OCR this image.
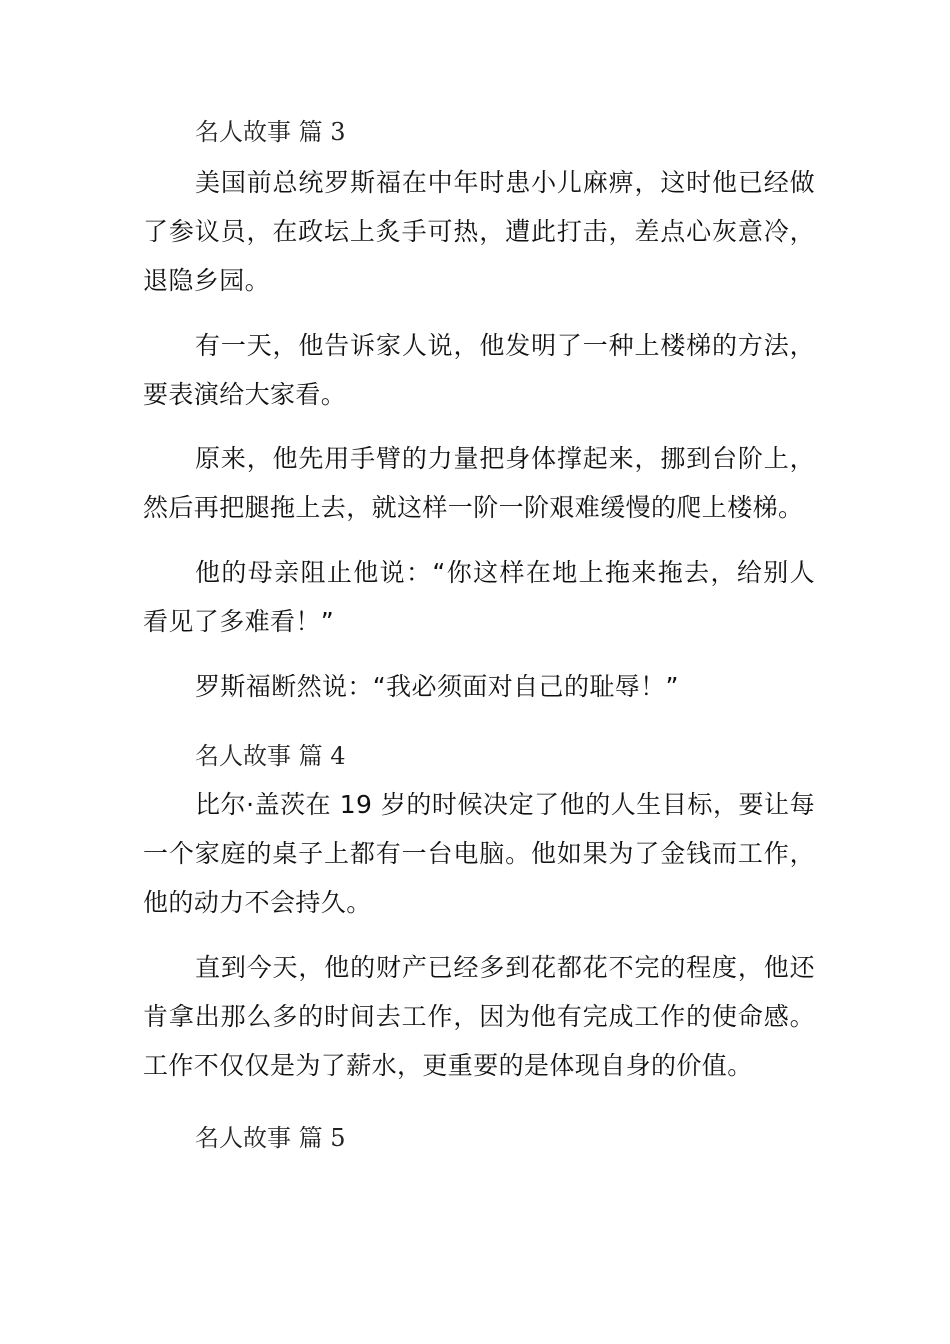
名人故事 篇 3

美国前总统罗斯福在中年时患小儿麻痹，这时他已经做了参议员，在政坛上炙手可热，遭此打击，差点心灰意冷，退隐乡园。

有一天，他告诉家人说，他发明了一种上楼梯的方法，要表演给大家看。

原来，他先用手臂的力量把身体撑起来，挪到台阶上，然后再把腿拖上去，就这样一阶一阶艰难缓慢的爬上楼梯。

他的母亲阻止他说：“你这样在地上拖来拖去，给别人看见了多难看！”

罗斯福断然说：“我必须面对自己的耻辱！”

名人故事 篇 4

比尔·盖茨在 19 岁的时候决定了他的人生目标，要让每一个家庭的桌子上都有一台电脑。他如果为了金钱而工作，他的动力不会持久。

直到今天，他的财产已经多到花都花不完的程度，他还肯拿出那么多的时间去工作，因为他有完成工作的使命感。工作不仅仅是为了薪水，更重要的是体现自身的价值。

名人故事 篇 5
